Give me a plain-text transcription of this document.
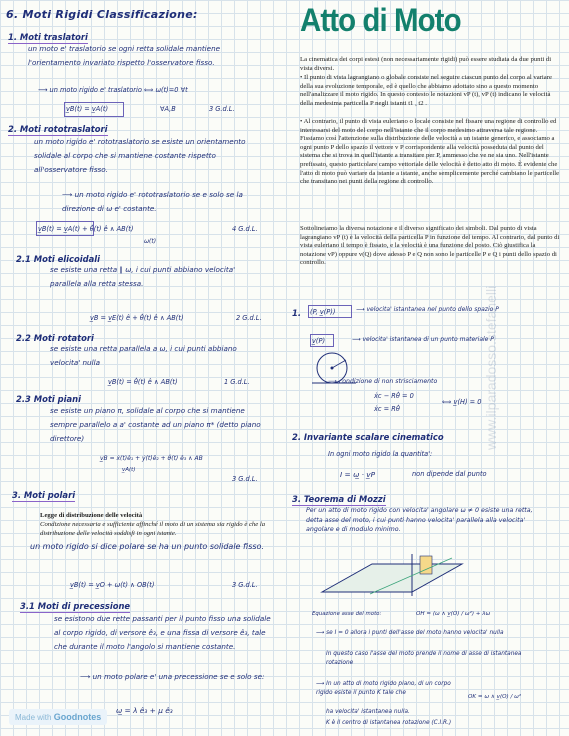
6. Moti Rigidi Classificazione:
1. Moti traslatori
un moto e' traslatorio se ogni retta solidale mantiene l'orientamento invariato rispetto l'osservatore fisso.
⟶ un moto rigido e' traslatorio ⟺ ω(t)=0 ∀t
v̲B(t) = v̲A(t)	∀A,B	3 G.d.L.
2. Moti rototraslatori
un moto rigido e' rototraslatorio se esiste un orientamento solidale al corpo che si mantiene costante rispetto all'osservatore fisso.
⟶ un moto rigido e' rototraslatorio se e solo se la direzione di ω e' costante.
v̲B(t) = v̲A(t) + θ̇(t) ê ∧ AB(t)
ω(t)
4 G.d.L.
2.1 Moti elicoidali
se esiste una retta ∥ ω, i cui punti abbiano velocita' parallela alla retta stessa.
v̲B = v̲E(t) ê + θ̇(t) ê ∧ AB(t)	2 G.d.L.
2.2 Moti rotatori
se esiste una retta parallela a ω, i cui punti abbiano velocita' nulla
v̲B(t) = θ̇(t) ê ∧ AB(t)	1 G.d.L.
2.3 Moti piani
se esiste un piano π, solidale al corpo che si mantiene sempre parallelo a a' costante ad un piano π* (detto piano direttore)
v̲B = ẋ(t)ê₁ + ẏ(t)ê₂ + θ̇(t) ê₃ ∧ AB
v̲A(t)
3 G.d.L.
3. Moti polari
Legge di distribuzione delle velocità
Condizione necessaria e sufficiente affinché il moto di un sistema sia rigido è che la distribuzione delle velocità soddisfi in ogni istante.
un moto rigido si dice polare se ha un punto solidale fisso.
v̲B(t) = v̲O + ω(t) ∧ OB(t)	3 G.d.L.
3.1 Moti di precessione
se esistono due rette passanti per il punto fisso una solidale al corpo rigido, di versore ê₃, e una fissa di versore ê₃, tale che durante il moto l'angolo si mantiene costante.
⟶ un moto polare e' una precessione se e solo se:
ω̲ = λ ê₃ + μ ê₃
Atto di Moto
La cinematica dei corpi estesi (non necessariamente rigidi) può essere studiata da due punti di vista diversi.
• Il punto di vista lagrangiano o globale consiste nel seguire ciascun punto del corpo al variare della sua evoluzione temporale, ed è quello che abbiamo adottato sino a questo momento nell'analizzare il moto rigido. In questo contesto le notazioni vP (t), vP (t) indicano le velocità della medesima particella P negli istanti t1 , t2 .
• Al contrario, il punto di vista euleriano o locale consiste nel fissare una regione di controllo ed interessarsi del moto del corpo nell'istante che il corpo medesimo attraversa tale regione. Fissiamo così l'attenzione sulla distribuzione delle velocità a un istante generico, e associamo a ogni punto P dello spazio il vettore v P corrispondente alla velocità posseduta dal punto del sistema che si trova in quell'istante a transitare per P, ammesso che ve ne sia uno. Nell'istante prefissato, questo particolare campo vettoriale delle velocità è detto atto di moto. È evidente che l'atto di moto può variare da istante a istante, anche semplicemente perché cambiano le particelle che transitano nei punti della regione di controllo.
Sottolineiamo la diversa notazione e il diverso significato dei simboli. Dal punto di vista lagrangiano vP (t) è la velocità della particella P in funzione del tempo. Al contrario, dal punto di vista euleriano il tempo è fissato, e la velocità è una funzione del posto. Ciò giustifica la notazione vP) oppure v(Q) dove adesso P e Q non sono le particelle P e Q i punti dello spazio di controllo.
1. (P, v̲(P))	⟶ velocita' istantanea nel punto dello spazio P
v̲(P)	⟶ velocita' istantanea di un punto materiale P
⟶ condizione di non strisciamento
ẋc − Rθ̇ = 0
ẋc = Rθ̇
⟺ v̲(H) = 0
2. Invariante scalare cinematico
In ogni moto rigido la quantita':
I = ω̲ · v̲P	non dipende dal punto
3. Teorema di Mozzi
Per un atto di moto rigido con velocita' angolare ω ≠ 0 esiste una retta, detta asse del moto, i cui punti hanno velocita' parallela alla velocita' angolare e di modulo minimo.
Equazione asse del moto:	OH = (ω ∧ v̲(O) / ω²) + λω
⟶ se I = 0 allora i punti dell'asse del moto hanno velocita' nulla
In questo caso l'asse del moto prende il nome di asse di istantanea rotazione
⟶ In un atto di moto rigido piano, di un corpo rigido esiste il punto K tale che
OK = ω ∧ v̲(O) / ω²
ha velocita' istantanea nulla.
K è il centro di istantanea rotazione (C.I.R.)
www.ilparadosso.stefanelli
Made with Goodnotes
